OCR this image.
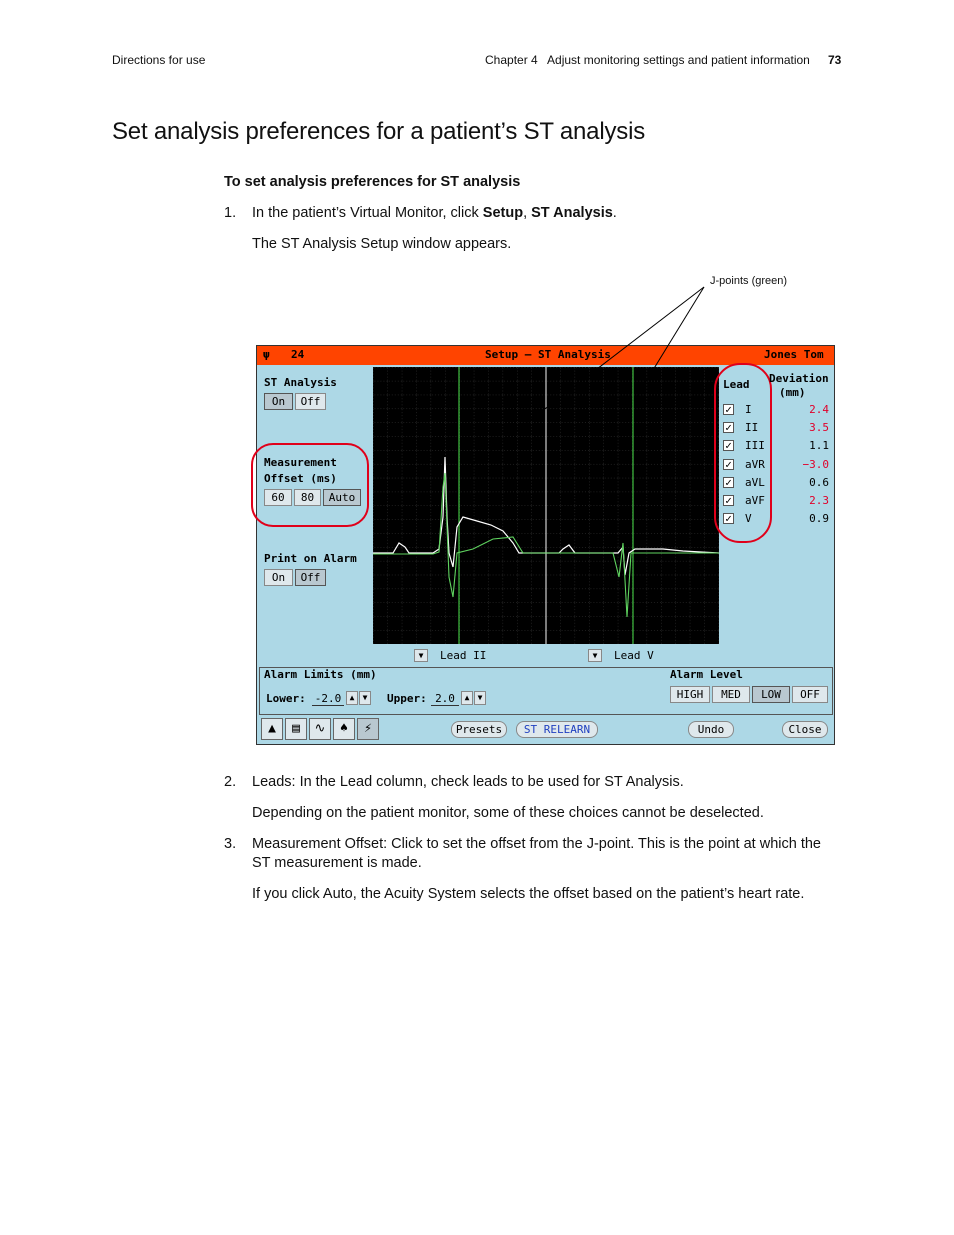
Directions for use	Chapter 4   Adjust monitoring settings and patient information 73
Set analysis preferences for a patient’s ST analysis
To set analysis preferences for ST analysis
1. In the patient’s Virtual Monitor, click Setup, ST Analysis.
The ST Analysis Setup window appears.
J-points (green)
ψ 24	Setup – ST Analysis	Jones Tom
ST Analysis
On	Off
Measurement
Offset (ms)
60	80	Auto
Print on Alarm
On	Off
Lead Deviation
(mm)
✓ I	2.4
✓ II	3.5
✓ III	1.1
✓ aVR	−3.0
✓ aVL	0.6
✓ aVF	2.3
✓ V	0.9
▼	Lead II	▼	Lead V
Alarm Limits (mm)
Lower: -2.0	▲	▼	Upper: 2.0	▲	▼
Alarm Level
HIGH	MED	LOW	OFF
▲	▤	∿	♠	⚡	Presets	ST RELEARN	Undo	Close
2. Leads: In the Lead column, check leads to be used for ST Analysis.
Depending on the patient monitor, some of these choices cannot be deselected.
3. Measurement Offset: Click to set the offset from the J-point. This is the point at which the ST measurement is made.
If you click Auto, the Acuity System selects the offset based on the patient’s heart rate.
